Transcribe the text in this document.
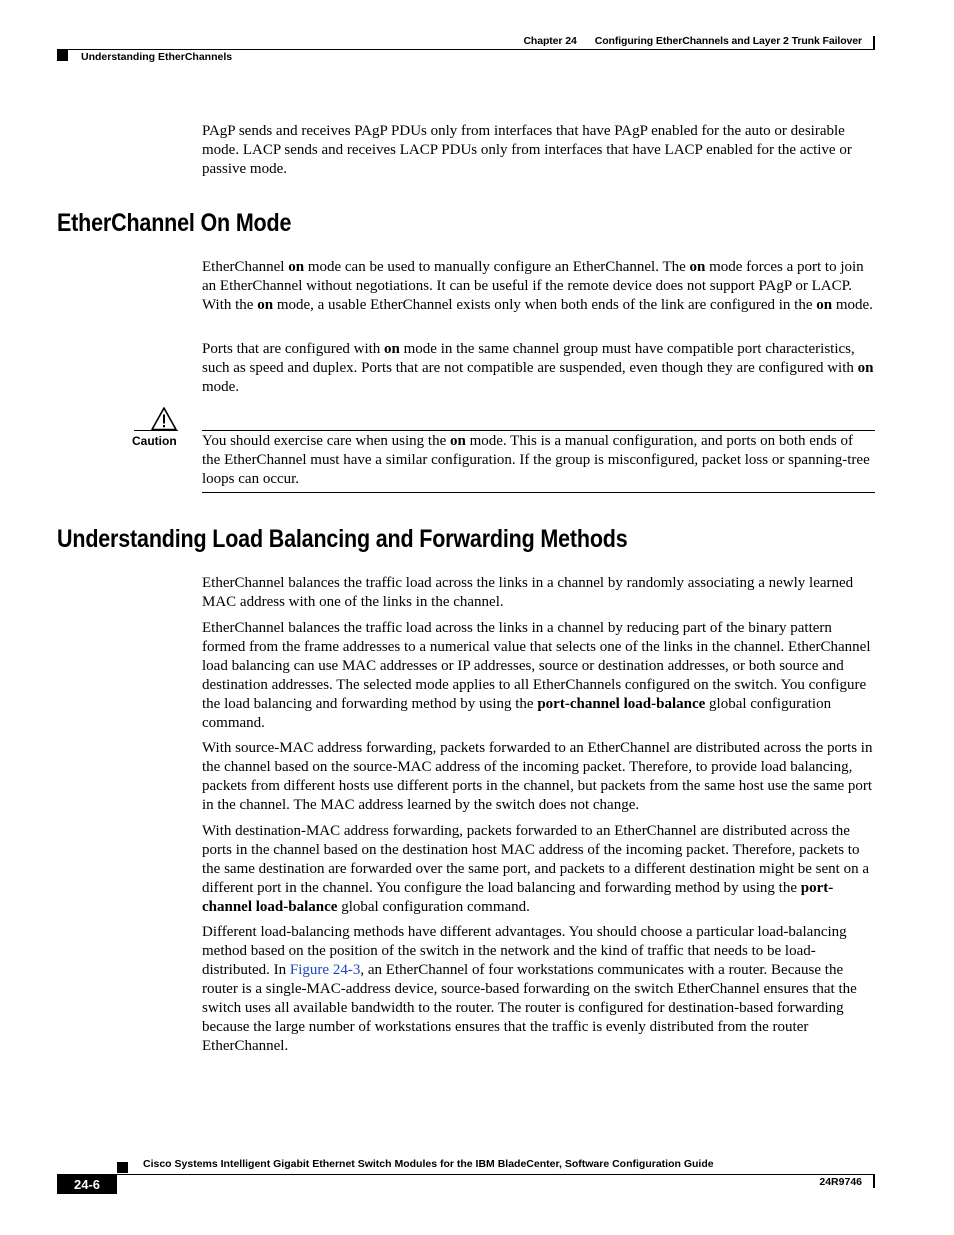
Chapter 24 Configuring EtherChannels and Layer 2 Trunk Failover
Understanding EtherChannels

PAgP sends and receives PAgP PDUs only from interfaces that have PAgP enabled for the auto or desirable mode. LACP sends and receives LACP PDUs only from interfaces that have LACP enabled for the active or passive mode.

EtherChannel On Mode

EtherChannel on mode can be used to manually configure an EtherChannel. The on mode forces a port to join an EtherChannel without negotiations. It can be useful if the remote device does not support PAgP or LACP. With the on mode, a usable EtherChannel exists only when both ends of the link are configured in the on mode.

Ports that are configured with on mode in the same channel group must have compatible port characteristics, such as speed and duplex. Ports that are not compatible are suspended, even though they are configured with on mode.

Caution You should exercise care when using the on mode. This is a manual configuration, and ports on both ends of the EtherChannel must have a similar configuration. If the group is misconfigured, packet loss or spanning-tree loops can occur.

Understanding Load Balancing and Forwarding Methods

EtherChannel balances the traffic load across the links in a channel by randomly associating a newly learned MAC address with one of the links in the channel.

EtherChannel balances the traffic load across the links in a channel by reducing part of the binary pattern formed from the frame addresses to a numerical value that selects one of the links in the channel. EtherChannel load balancing can use MAC addresses or IP addresses, source or destination addresses, or both source and destination addresses. The selected mode applies to all EtherChannels configured on the switch. You configure the load balancing and forwarding method by using the port-channel load-balance global configuration command.

With source-MAC address forwarding, packets forwarded to an EtherChannel are distributed across the ports in the channel based on the source-MAC address of the incoming packet. Therefore, to provide load balancing, packets from different hosts use different ports in the channel, but packets from the same host use the same port in the channel. The MAC address learned by the switch does not change.

With destination-MAC address forwarding, packets forwarded to an EtherChannel are distributed across the ports in the channel based on the destination host MAC address of the incoming packet. Therefore, packets to the same destination are forwarded over the same port, and packets to a different destination might be sent on a different port in the channel. You configure the load balancing and forwarding method by using the port-channel load-balance global configuration command.

Different load-balancing methods have different advantages. You should choose a particular load-balancing method based on the position of the switch in the network and the kind of traffic that needs to be load-distributed. In Figure 24-3, an EtherChannel of four workstations communicates with a router. Because the router is a single-MAC-address device, source-based forwarding on the switch EtherChannel ensures that the switch uses all available bandwidth to the router. The router is configured for destination-based forwarding because the large number of workstations ensures that the traffic is evenly distributed from the router EtherChannel.

Cisco Systems Intelligent Gigabit Ethernet Switch Modules for the IBM BladeCenter, Software Configuration Guide
24-6	24R9746
